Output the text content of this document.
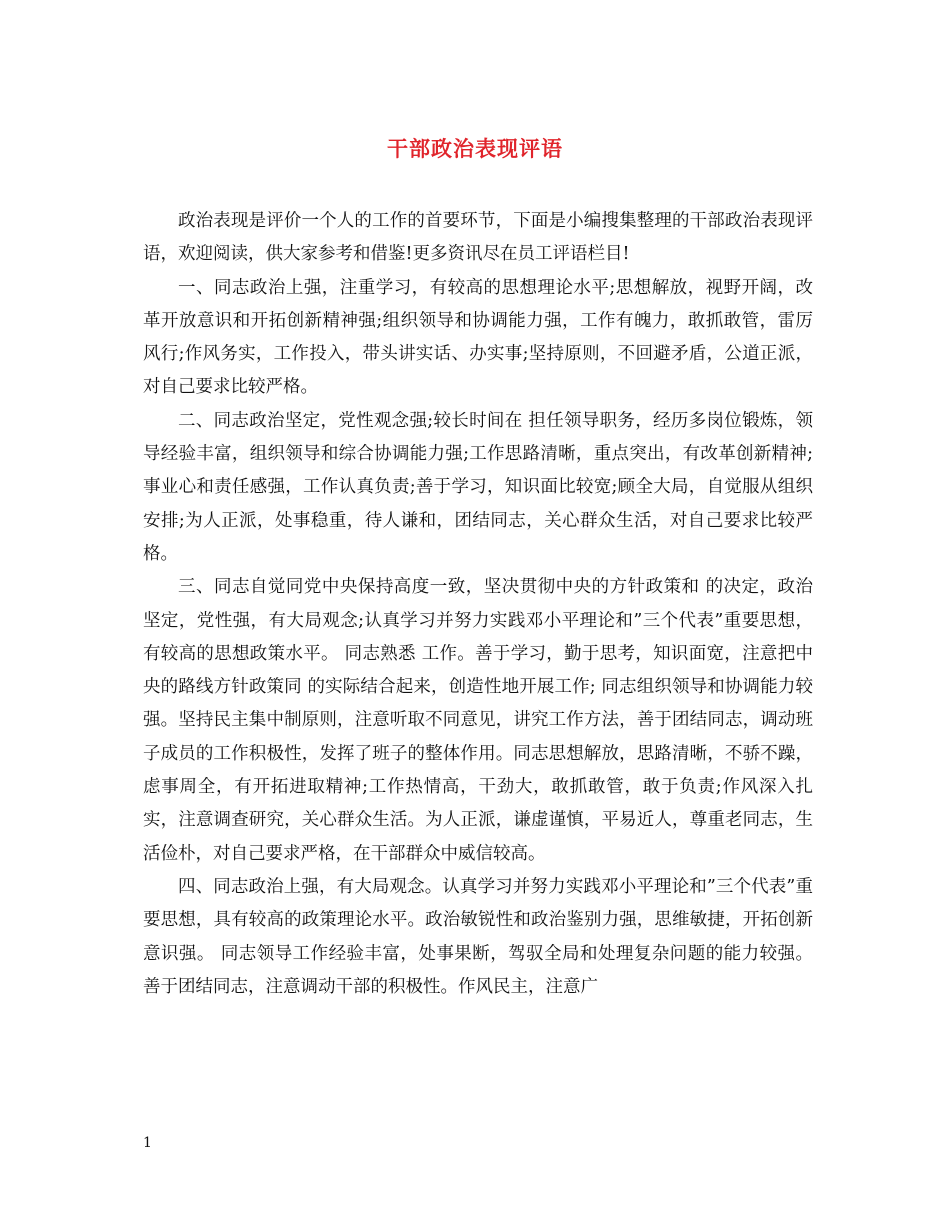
干部政治表现评语

政治表现是评价一个人的工作的首要环节，下面是小编搜集整理的干部政治表现评语，欢迎阅读，供大家参考和借鉴!更多资讯尽在员工评语栏目!

一、同志政治上强，注重学习，有较高的思想理论水平;思想解放，视野开阔，改革开放意识和开拓创新精神强;组织领导和协调能力强，工作有魄力，敢抓敢管，雷厉风行;作风务实，工作投入，带头讲实话、办实事;坚持原则，不回避矛盾，公道正派，对自己要求比较严格。

二、同志政治坚定，党性观念强;较长时间在 担任领导职务，经历多岗位锻炼，领导经验丰富，组织领导和综合协调能力强;工作思路清晰，重点突出，有改革创新精神;事业心和责任感强，工作认真负责;善于学习，知识面比较宽;顾全大局，自觉服从组织安排;为人正派，处事稳重，待人谦和，团结同志，关心群众生活，对自己要求比较严格。

三、同志自觉同党中央保持高度一致，坚决贯彻中央的方针政策和 的决定，政治坚定，党性强，有大局观念;认真学习并努力实践邓小平理论和”三个代表”重要思想，有较高的思想政策水平。 同志熟悉 工作。善于学习，勤于思考，知识面宽，注意把中央的路线方针政策同 的实际结合起来，创造性地开展工作; 同志组织领导和协调能力较强。坚持民主集中制原则，注意听取不同意见，讲究工作方法，善于团结同志，调动班子成员的工作积极性，发挥了班子的整体作用。同志思想解放，思路清晰，不骄不躁，虑事周全，有开拓进取精神;工作热情高，干劲大，敢抓敢管，敢于负责;作风深入扎实，注意调查研究，关心群众生活。为人正派，谦虚谨慎，平易近人，尊重老同志，生活俭朴，对自己要求严格，在干部群众中威信较高。

四、同志政治上强，有大局观念。认真学习并努力实践邓小平理论和”三个代表”重要思想，具有较高的政策理论水平。政治敏锐性和政治鉴别力强，思维敏捷，开拓创新意识强。 同志领导工作经验丰富，处事果断，驾驭全局和处理复杂问题的能力较强。善于团结同志，注意调动干部的积极性。作风民主，注意广

1
